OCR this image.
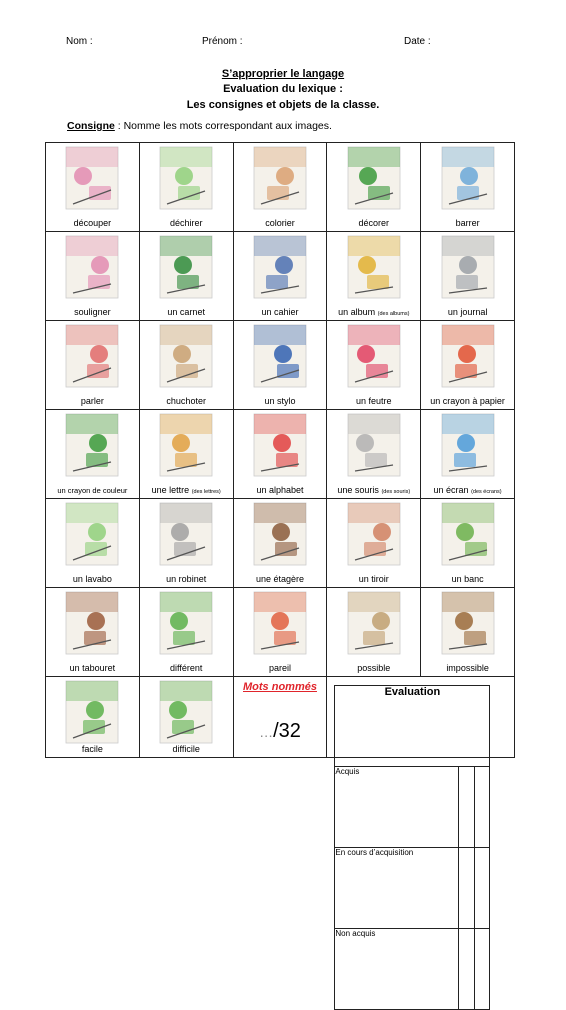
Nom :	Prénom :	Date :
S’approprier le langage
Evaluation du lexique :
Les consignes et objets de la classe.
Consigne : Nomme les mots correspondant aux images.
découper	déchirer	colorier	décorer	barrer

souligner	un carnet	un cahier	un album (des albums)	un journal

parler	chuchoter	un stylo	un feutre	un crayon à papier

un crayon de couleur	une lettre (des lettres)	un alphabet	une souris (des souris)	un écran (des écrans)

un lavabo	un robinet	une étagère	un tiroir	un banc

un tabouret	différent	pareil	possible	impossible

facile	difficile

Mots nommés
…/32

Evaluation
Acquis		
En cours d’acquisition		
Non acquis		
